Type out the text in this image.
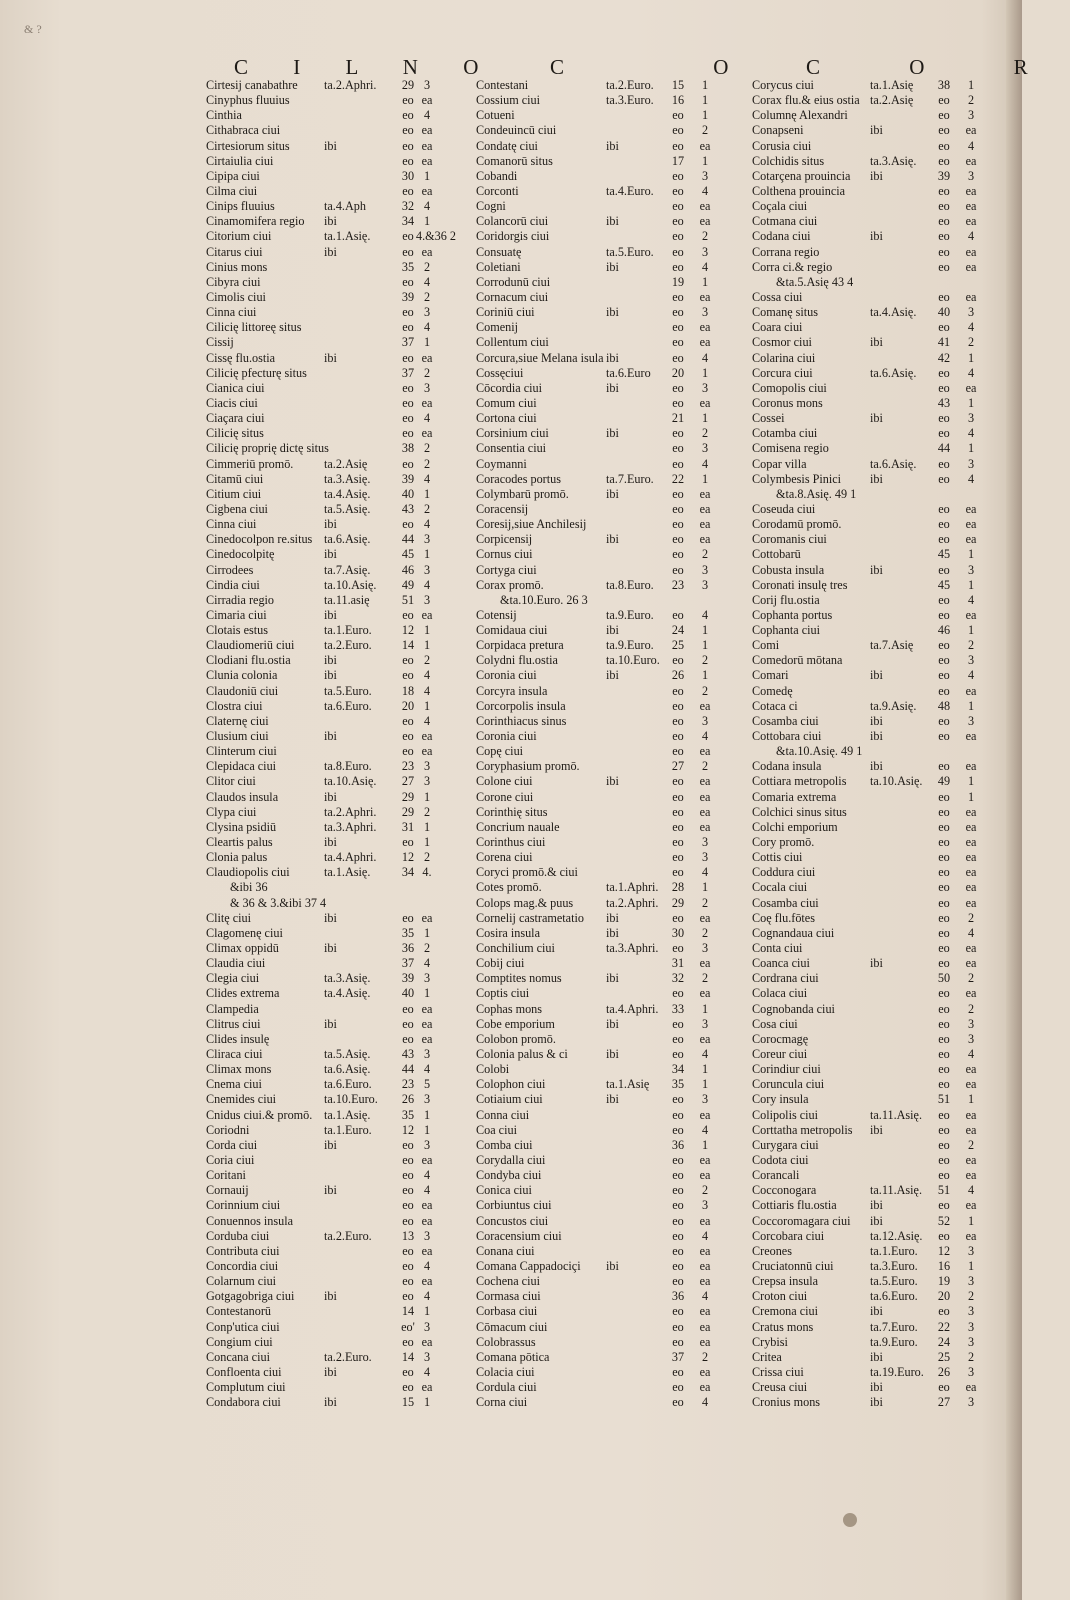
& ?
C I L N O
Cirtesij canabathre ta.2.Aphri.	29 3
Cinyphus fluuius	eo ea
Cinthia	eo 4
Cithabraca ciui	eo ea
Cirtesiorum situs	ibi	eo ea
Cirtaiulia ciui	eo ea
Cipipa ciui	30 1
Cilma ciui	eo ea
Cinips fluuius	ta.4.Aph	32 4
Cinamomifera regio ibi	34 1
Citorium ciui	ta.1.Asię.	eo 4.&36 2
Citarus ciui	ibi	eo ea
Cinius mons	35 2
Cibyra ciui	eo 4
Cimolis ciui	39 2
Cinna ciui	eo 3
Cilicię littoreę situs	eo 4
Cissij	37 1
Cissę flu.ostia	ibi	eo ea
Cilicię pfecturę situs	37 2
Cianica ciui	eo 3
Ciacis ciui	eo ea
Ciaçara ciui	eo 4
Cilicię situs	eo ea
Cilicię proprię dictę situs	38 2
Cimmeriū promō.	ta.2.Asię	eo 2
Citamū ciui	ta.3.Asię.	39 4
Citium ciui	ta.4.Asię.	40 1
Cigbena ciui	ta.5.Asię.	43 2
Cinna ciui	ibi	eo 4
Cinedocolpon re.situs ta.6.Asię.	44 3
Cinedocolpitę	ibi	45 1
Cirrodees	ta.7.Asię.	46 3
Cindia ciui	ta.10.Asię.	49 4
Cirradia regio	ta.11.asię	51 3
Cimaria ciui	ibi	eo ea
Clotais estus	ta.1.Euro.	12 1
Claudiomeriū ciui ta.2.Euro.	14 1
Clodiani flu.ostia	ibi	eo 2
Clunia colonia	ibi	eo 4
Claudoniū ciui	ta.5.Euro.	18 4
Clostra ciui	ta.6.Euro.	20 1
Claternę ciui	eo 4
Clusium ciui	ibi	eo ea
Clinterum ciui	eo ea
Clepidaca ciui	ta.8.Euro.	23 3
Clitor ciui	ta.10.Asię.	27 3
Claudos insula	ibi	29 1
Clypa ciui	ta.2.Aphri.	29 2
Clysina psidiū	ta.3.Aphri.	31 1
Cleartis palus	ibi	eo 1
Clonia palus	ta.4.Aphri.	12 2
Claudiopolis ciui	ta.1.Asię.	34 4.
&ibi 36
& 36 & 3.&ibi 37 4
Clitę ciui	ibi	eo ea
Clagomenę ciui	35 1
Climax oppidū	ibi	36 2
Claudia ciui	37 4
Clegia ciui	ta.3.Asię.	39 3
Clides extrema	ta.4.Asię.	40 1
Clampedia	eo ea
Clitrus ciui	ibi	eo ea
Clides insulę	eo ea
Cliraca ciui	ta.5.Asię.	43 3
Climax mons	ta.6.Asię.	44 4
Cnema ciui	ta.6.Euro.	23 5
Cnemides ciui	ta.10.Euro.	26 3
Cnidus ciui.& promō. ta.1.Asię.	35 1
Coriodni	ta.1.Euro.	12 1
Corda ciui	ibi	eo 3
Coria ciui	eo ea
Coritani	eo 4
Cornauij	ibi	eo 4
Corinnium ciui	eo ea
Conuennos insula	eo ea
Corduba ciui	ta.2.Euro.	13 3
Contributa ciui	eo ea
Concordia ciui	eo 4
Colarnum ciui	eo ea
Gotgagobriga ciui ibi	eo 4
Contestanorū	14 1
Conp'utica ciui	eo' 3
Congium ciui	eo ea
Concana ciui	ta.2.Euro.	14 3
Confloenta ciui	ibi	eo 4
Complutum ciui	eo ea
Condabora ciui	ibi	15 1
C O
Contestani	ta.2.Euro.	15	1
Cossium ciui	ta.3.Euro.	16	1
Cotueni	eo	1
Condeuincū ciui	eo	2
Condatę ciui	ibi	eo	ea
Comanorū situs	17	1
Cobandi	eo	3
Corconti	ta.4.Euro.	eo	4
Cogni	eo	ea
Colancorū ciui	ibi	eo	ea
Coridorgis ciui	eo	2
Consuatę	ta.5.Euro.	eo	3
Coletiani	ibi	eo	4
Corrodunū ciui	19	1
Cornacum ciui	eo	ea
Coriniū ciui	ibi	eo	3
Comenij	eo	ea
Collentum ciui	eo	ea
Corcura,siue Melana isula ibi	eo	4
Cossęciui	ta.6.Euro	20	1
Cōcordia ciui	ibi	eo	3
Comum ciui	eo	ea
Cortona ciui	21	1
Corsinium ciui	ibi	eo	2
Consentia ciui	eo	3
Coymanni	eo	4
Coracodes portus	ta.7.Euro.	22	1
Colymbarū promō.	ibi	eo	ea
Coracensij	eo	ea
Coresij,siue Anchilesij	eo	ea
Corpicensij	ibi	eo	ea
Cornus ciui	eo	2
Cortyga ciui	eo	3
Corax promō.	ta.8.Euro.	23	3
&ta.10.Euro. 26 3
Cotensij	ta.9.Euro.	eo	4
Comidaua ciui	ibi	24	1
Corpidaca pretura	ta.9.Euro.	25	1
Colydni flu.ostia	ta.10.Euro.	eo	2
Coronia ciui	ibi	26	1
Corcyra insula	eo	2
Corcorpolis insula	eo	ea
Corinthiacus sinus	eo	3
Coronia ciui	eo	4
Copę ciui	eo	ea
Coryphasium promō.	27	2
Colone ciui	ibi	eo	ea
Corone ciui	eo	ea
Corinthię situs	eo	ea
Concrium nauale	eo	ea
Corinthus ciui	eo	3
Corena ciui	eo	3
Coryci promō.& ciui	eo	4
Cotes promō.	ta.1.Aphri.	28	1
Colops mag.& puus	ta.2.Aphri.	29	2
Cornelij castrametatio ibi	eo	ea
Cosira insula	ibi	30	2
Conchilium ciui	ta.3.Aphri.	eo	3
Cobij ciui	31	ea
Comptites nomus	ibi	32	2
Coptis ciui	eo	ea
Cophas mons	ta.4.Aphri.	33	1
Cobe emporium	ibi	eo	3
Colobon promō.	eo	ea
Colonia palus & ci	ibi	eo	4
Colobi	34	1
Colophon ciui	ta.1.Asię	35	1
Cotiaium ciui	ibi	eo	3
Conna ciui	eo	ea
Coa ciui	eo	4
Comba ciui	36	1
Corydalla ciui	eo	ea
Condyba ciui	eo	ea
Conica ciui	eo	2
Corbiuntus ciui	eo	3
Concustos ciui	eo	ea
Coracensium ciui	eo	4
Conana ciui	eo	ea
Comana Cappadociçi ibi	eo	ea
Cochena ciui	eo	ea
Cormasa ciui	36	4
Corbasa ciui	eo	ea
Cōmacum ciui	eo	ea
Colobrassus	eo	ea
Comana pōtica	37	2
Colacia ciui	eo	ea
Cordula ciui	eo	ea
Corna ciui	eo	4
C O R
Corycus ciui	ta.1.Asię	38	1
Corax flu.& eius ostia ta.2.Asię	eo	2
Columnę Alexandri	eo	3
Conapseni	ibi	eo	ea
Corusia ciui	eo	4
Colchidis situs	ta.3.Asię.	eo	ea
Cotarçena prouincia ibi	39	3
Colthena prouincia	eo	ea
Coçala ciui	eo	ea
Cotmana ciui	eo	ea
Codana ciui	ibi	eo	4
Corrana regio	eo	ea
Corra ci.& regio	eo	ea
&ta.5.Asię 43 4
Cossa ciui	eo	ea
Comanę situs	ta.4.Asię.	40	3
Coara ciui	eo	4
Cosmor ciui	ibi	41	2
Colarina ciui	42	1
Corcura ciui	ta.6.Asię.	eo	4
Comopolis ciui	eo	ea
Coronus mons	43	1
Cossei	ibi	eo	3
Cotamba ciui	eo	4
Comisena regio	44	1
Copar villa	ta.6.Asię.	eo	3
Colymbesis Pinici ibi	eo	4
&ta.8.Asię. 49 1
Coseuda ciui	eo	ea
Corodamū promō.	eo	ea
Coromanis ciui	eo	ea
Cottobarū	45	1
Cobusta insula	ibi	eo	3
Coronati insulę tres	45	1
Corij flu.ostia	eo	4
Cophanta portus	eo	ea
Cophanta ciui	46	1
Comi	ta.7.Asię	eo	2
Comedorū mōtana	eo	3
Comari	ibi	eo	4
Comedę	eo	ea
Cotaca ci	ta.9.Asię.	48	1
Cosamba ciui	ibi	eo	3
Cottobara ciui	ibi	eo	ea
&ta.10.Asię. 49 1
Codana insula	ibi	eo	ea
Cottiara metropolis ta.10.Asię.	49	1
Comaria extrema	eo	1
Colchici sinus situs	eo	ea
Colchi emporium	eo	ea
Cory promō.	eo	ea
Cottis ciui	eo	ea
Coddura ciui	eo	ea
Cocala ciui	eo	ea
Cosamba ciui	eo	ea
Coę flu.fōtes	eo	2
Cognandaua ciui	eo	4
Conta ciui	eo	ea
Coanca ciui	ibi	eo	ea
Cordrana ciui	50	2
Colaca ciui	eo	ea
Cognobanda ciui	eo	2
Cosa ciui	eo	3
Corocmagę	eo	3
Coreur ciui	eo	4
Corindiur ciui	eo	ea
Coruncula ciui	eo	ea
Cory insula	51	1
Colipolis ciui	ta.11.Asię.	eo	ea
Corttatha metropolis ibi	eo	ea
Curygara ciui	eo	2
Codota ciui	eo	ea
Corancali	eo	ea
Cocconogara	ta.11.Asię.	51	4
Cottiaris flu.ostia	ibi	eo	ea
Coccoromagara ciui ibi	52	1
Corcobara ciui	ta.12.Asię.	eo	ea
Creones	ta.1.Euro.	12	3
Cruciatonnū ciui	ta.3.Euro.	16	1
Crepsa insula	ta.5.Euro.	19	3
Croton ciui	ta.6.Euro.	20	2
Cremona ciui	ibi	eo	3
Cratus mons	ta.7.Euro.	22	3
Crybisi	ta.9.Euro.	24	3
Critea	ibi	25	2
Crissa ciui	ta.19.Euro.	26	3
Creusa ciui	ibi	eo	ea
Cronius mons	ibi	27	3
